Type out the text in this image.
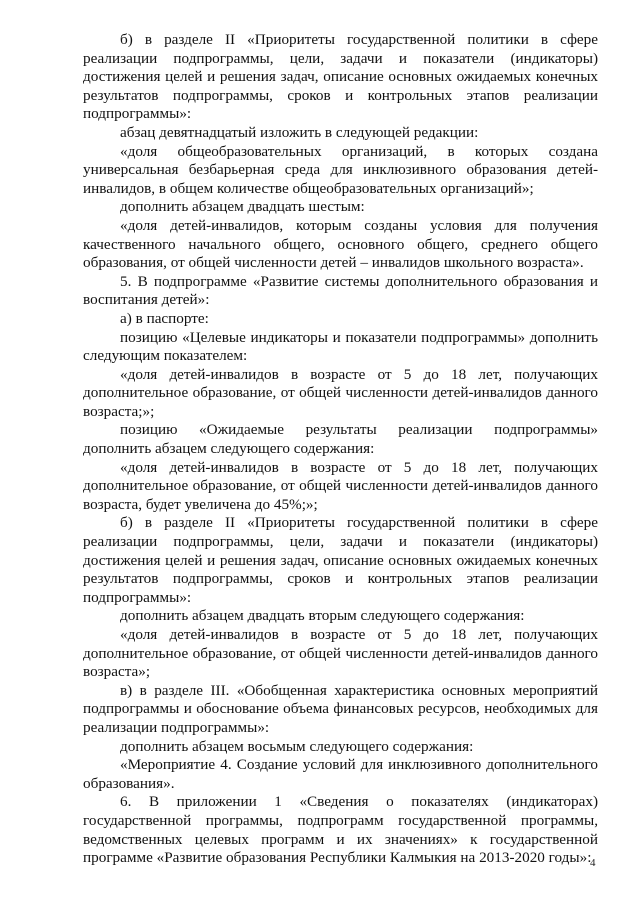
б) в разделе II «Приоритеты государственной политики в сфере реализации подпрограммы, цели, задачи и показатели (индикаторы) достижения целей и решения задач, описание основных ожидаемых конечных результатов подпрограммы, сроков и контрольных этапов реализации подпрограммы»:

абзац девятнадцатый изложить в следующей редакции:

«доля общеобразовательных организаций, в которых создана универсальная безбарьерная среда для инклюзивного образования детей-инвалидов, в общем количестве общеобразовательных организаций»;

дополнить абзацем двадцать шестым:

«доля детей-инвалидов, которым созданы условия для получения качественного начального общего, основного общего, среднего общего образования, от общей численности детей – инвалидов школьного возраста».

5. В подпрограмме «Развитие системы дополнительного образования и воспитания детей»:

а) в паспорте:

позицию «Целевые индикаторы и показатели подпрограммы» дополнить следующим показателем:

«доля детей-инвалидов в возрасте от 5 до 18 лет, получающих дополнительное образование, от общей численности детей-инвалидов данного возраста;»;

позицию «Ожидаемые результаты реализации подпрограммы» дополнить абзацем следующего содержания:

«доля детей-инвалидов в возрасте от 5 до 18 лет, получающих дополнительное образование, от общей численности детей-инвалидов данного возраста, будет увеличена до 45%;»;

б) в разделе II «Приоритеты государственной политики в сфере реализации подпрограммы, цели, задачи и показатели (индикаторы) достижения целей и решения задач, описание основных ожидаемых конечных результатов подпрограммы, сроков и контрольных этапов реализации подпрограммы»:

дополнить абзацем двадцать вторым следующего содержания:

«доля детей-инвалидов в возрасте от 5 до 18 лет, получающих дополнительное образование, от общей численности детей-инвалидов данного возраста»;

в) в разделе III. «Обобщенная характеристика основных мероприятий подпрограммы и обоснование объема финансовых ресурсов, необходимых для реализации подпрограммы»:

дополнить абзацем восьмым следующего содержания:

«Мероприятие 4. Создание условий для инклюзивного дополнительного образования».

6. В приложении 1 «Сведения о показателях (индикаторах) государственной программы, подпрограмм государственной программы, ведомственных целевых программ и их значениях» к государственной программе «Развитие образования Республики Калмыкия на 2013-2020 годы»:

4
